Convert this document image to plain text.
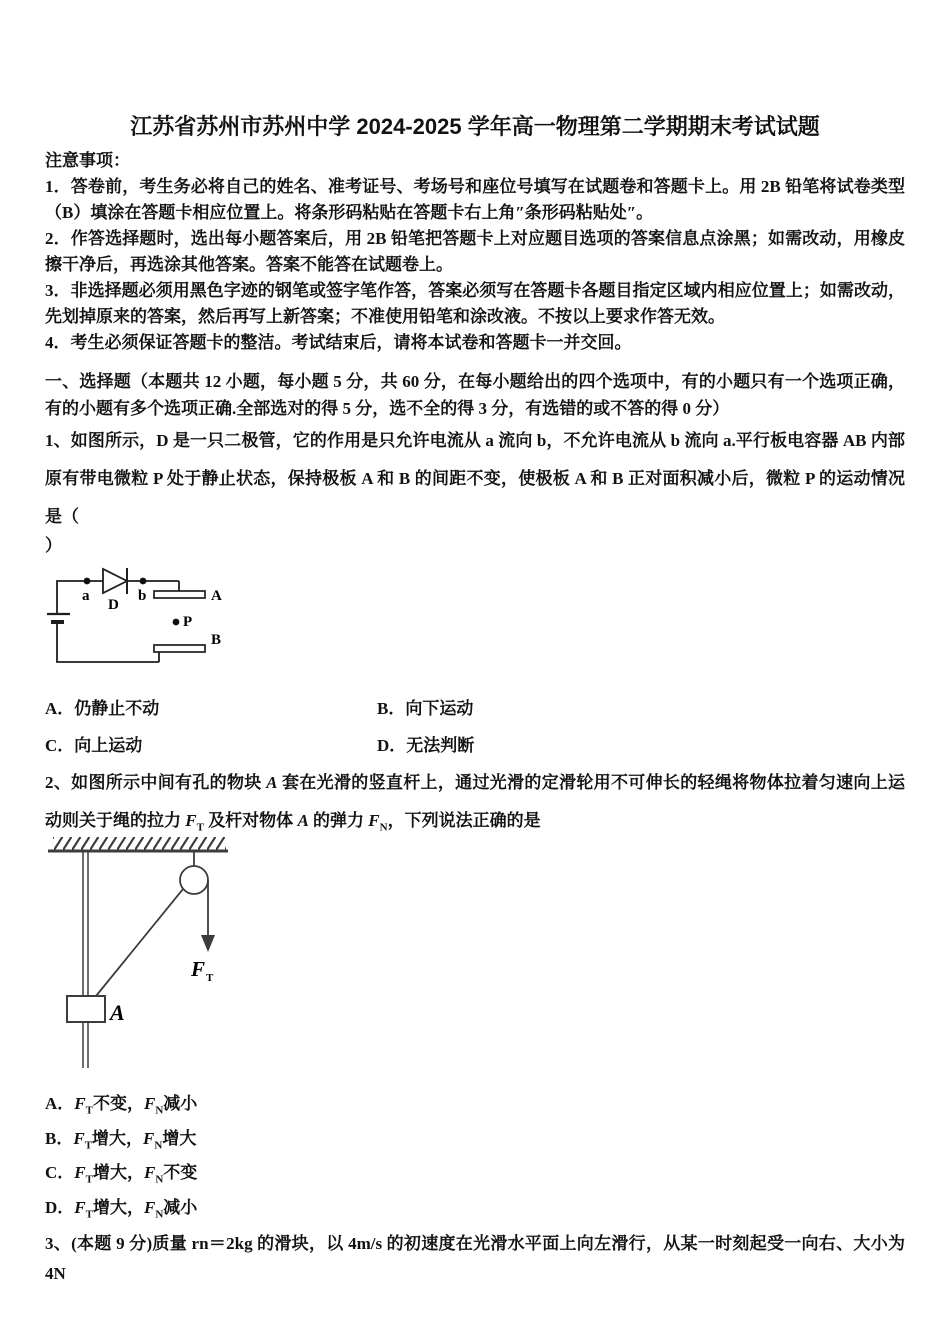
江苏省苏州市苏州中学 2024-2025 学年高一物理第二学期期末考试试题
注意事项：
1．答卷前，考生务必将自己的姓名、准考证号、考场号和座位号填写在试题卷和答题卡上。用 2B 铅笔将试卷类型（B）填涂在答题卡相应位置上。将条形码粘贴在答题卡右上角″条形码粘贴处″。
2．作答选择题时，选出每小题答案后，用 2B 铅笔把答题卡上对应题目选项的答案信息点涂黑；如需改动，用橡皮擦干净后，再选涂其他答案。答案不能答在试题卷上。
3．非选择题必须用黑色字迹的钢笔或签字笔作答，答案必须写在答题卡各题目指定区域内相应位置上；如需改动，先划掉原来的答案，然后再写上新答案；不准使用铅笔和涂改液。不按以上要求作答无效。
4．考生必须保证答题卡的整洁。考试结束后，请将本试卷和答题卡一并交回。
一、选择题（本题共 12 小题，每小题 5 分，共 60 分，在每小题给出的四个选项中，有的小题只有一个选项正确，有的小题有多个选项正确.全部选对的得 5 分，选不全的得 3 分，有选错的或不答的得 0 分）

1、如图所示，D 是一只二极管，它的作用是只允许电流从 a 流向 b，不允许电流从 b 流向 a.平行板电容器 AB 内部原有带电微粒 P 处于静止状态，保持极板 A 和 B 的间距不变，使极板 A 和 B 正对面积减小后，微粒 P 的运动情况是（

）
a
D
b	A
P
B
A．仍静止不动	B．向下运动
C．向上运动	D．无法判断

2、如图所示中间有孔的物块 A 套在光滑的竖直杆上，通过光滑的定滑轮用不可伸长的轻绳将物体拉着匀速向上运动则关于绳的拉力 $F_T$ 及杆对物体 A 的弹力 $F_N$，下列说法正确的是

F T
A
A．$F_T$不变，$F_N$减小
B．$F_T$增大，$F_N$增大
C．$F_T$增大，$F_N$不变
D．$F_T$增大，$F_N$减小
3、(本题 9 分)质量 rn＝2kg 的滑块，以 4m/s 的初速度在光滑水平面上向左滑行，从某一时刻起受一向右、大小为 4N
